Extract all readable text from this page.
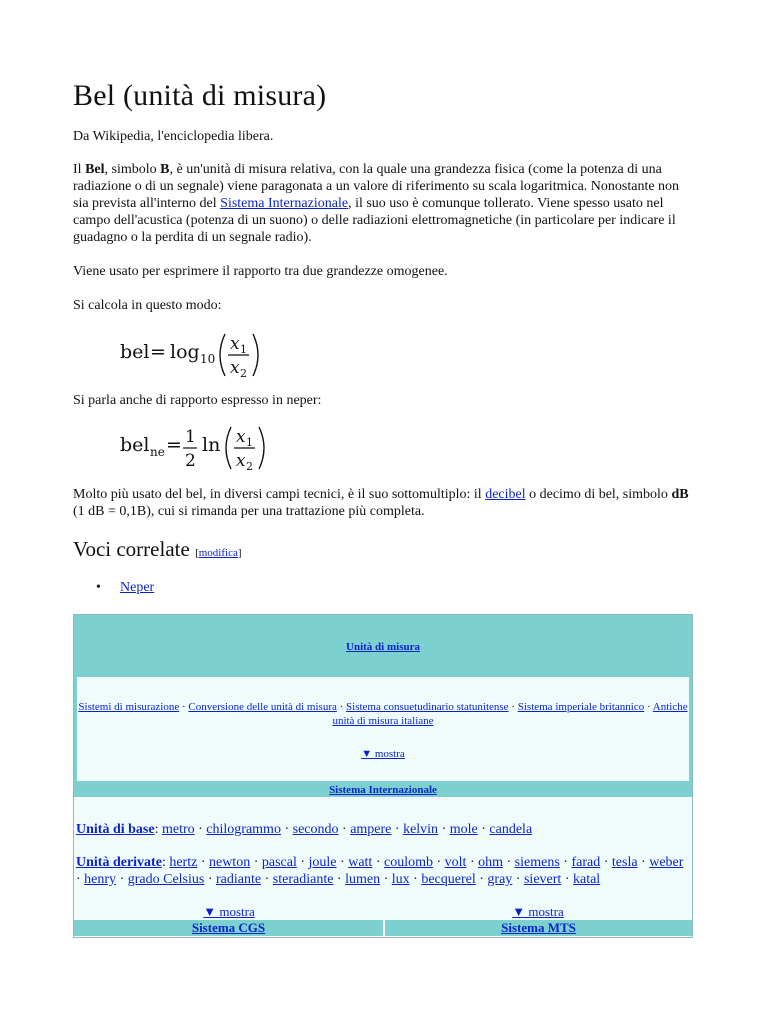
Bel (unità di misura)

Da Wikipedia, l'enciclopedia libera.

Il Bel, simbolo B, è un'unità di misura relativa, con la quale una grandezza fisica (come la potenza di una radiazione o di un segnale) viene paragonata a un valore di riferimento su scala logaritmica. Nonostante non sia prevista all'interno del Sistema Internazionale, il suo uso è comunque tollerato. Viene spesso usato nel campo dell'acustica (potenza di un suono) o delle radiazioni elettromagnetiche (in particolare per indicare il guadagno o la perdita di un segnale radio).

Viene usato per esprimere il rapporto tra due grandezze omogenee.

Si calcola in questo modo:

bel = log 10
x 1
x 2

Si parla anche di rapporto espresso in neper:

bel ne = 1
2
ln x 1
x 2

Molto più usato del bel, in diversi campi tecnici, è il suo sottomultiplo: il decibel o decimo di bel, simbolo dB (1 dB = 0,1B), cui si rimanda per una trattazione più completa.

Voci correlate [modifica]
• Neper
Unità di misura
Sistemi di misurazione · Conversione delle unità di misura · Sistema consuetudinario statunitense · Sistema imperiale britannico · Antiche unità di misura italiane
▼ mostra
Sistema Internazionale
Unità di base: metro · chilogrammo · secondo · ampere · kelvin · mole · candela
Unità derivate: hertz · newton · pascal · joule · watt · coulomb · volt · ohm · siemens · farad · tesla · weber · henry · grado Celsius · radiante · steradiante · lumen · lux · becquerel · gray · sievert · katal
▼ mostra	▼ mostra
Sistema CGS	Sistema MTS
